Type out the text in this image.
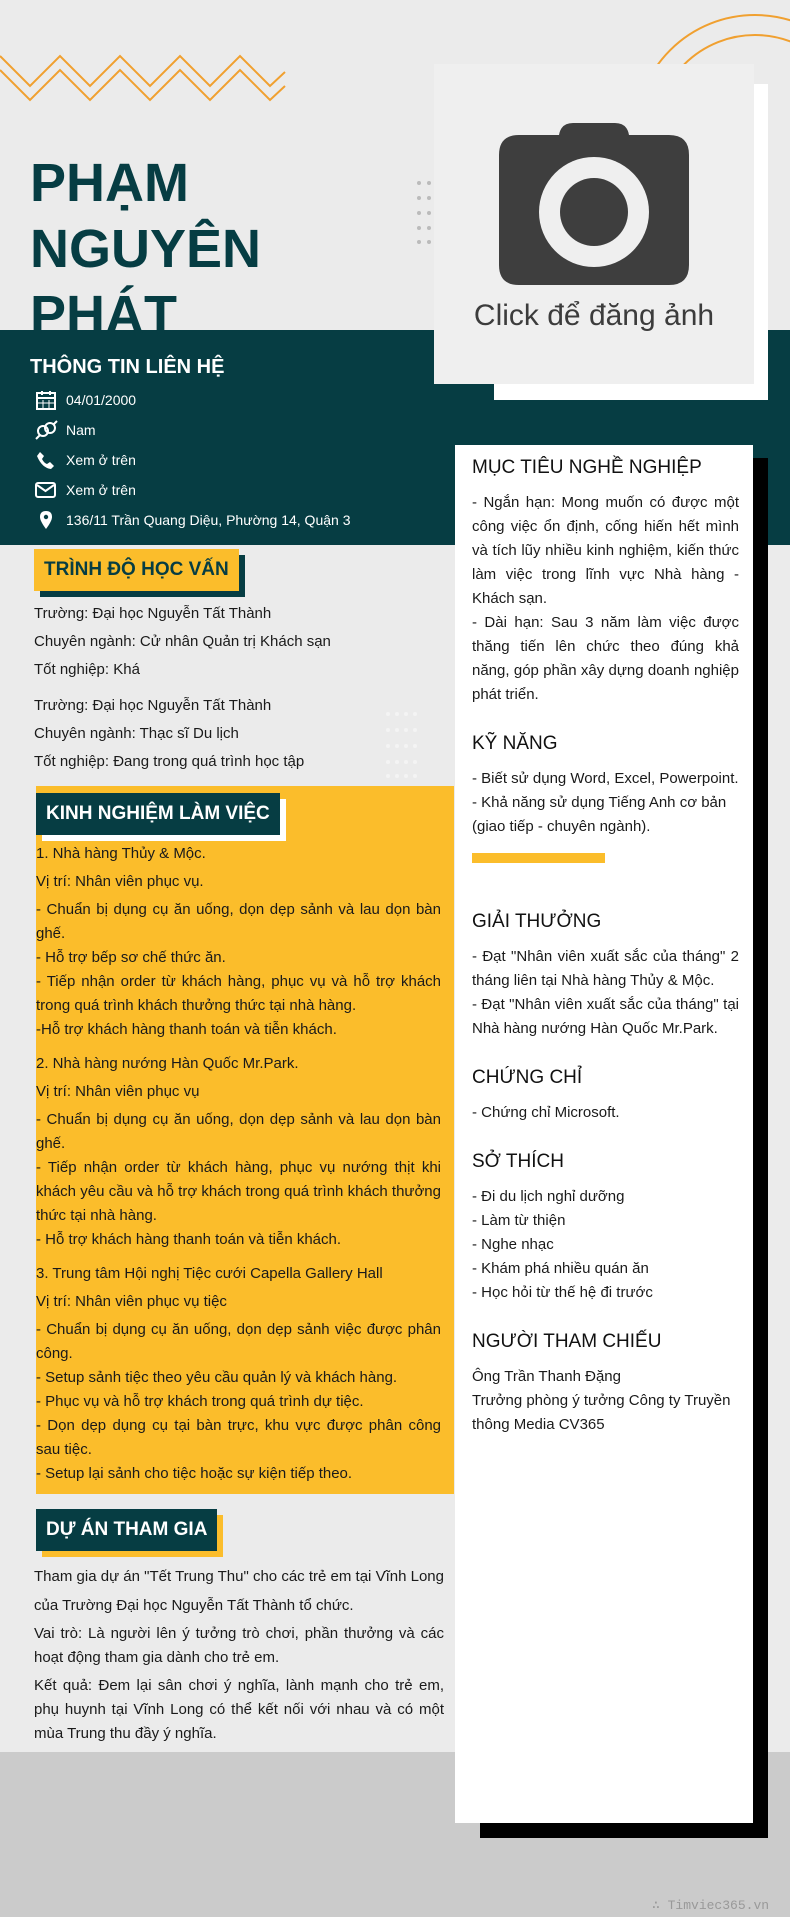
PHẠM
NGUYÊN
PHÁT	Click để đăng ảnh
THÔNG TIN LIÊN HỆ
04/01/2000
Nam
Xem ở trên
Xem ở trên
136/11 Trần Quang Diệu, Phường 14, Quận 3
TRÌNH ĐỘ HỌC VẤN
Trường: Đại học Nguyễn Tất Thành
Chuyên ngành: Cử nhân Quản trị Khách sạn
Tốt nghiệp: Khá
Trường: Đại học Nguyễn Tất Thành
Chuyên ngành: Thạc sĩ Du lịch
Tốt nghiệp: Đang trong quá trình học tập
KINH NGHIỆM LÀM VIỆC

1. Nhà hàng Thủy & Mộc.

Vị trí: Nhân viên phục vụ.

- Chuẩn bị dụng cụ ăn uống, dọn dẹp sảnh và lau dọn bàn ghế.

- Hỗ trợ bếp sơ chế thức ăn.

- Tiếp nhận order từ khách hàng, phục vụ và hỗ trợ khách trong quá trình khách thưởng thức tại nhà hàng.

-Hỗ trợ khách hàng thanh toán và tiễn khách.

2. Nhà hàng nướng Hàn Quốc Mr.Park.

Vị trí: Nhân viên phục vụ

- Chuẩn bị dụng cụ ăn uống, dọn dẹp sảnh và lau dọn bàn ghế.

- Tiếp nhận order từ khách hàng, phục vụ nướng thịt khi khách yêu cầu và hỗ trợ khách trong quá trình khách thưởng thức tại nhà hàng.

- Hỗ trợ khách hàng thanh toán và tiễn khách.

3. Trung tâm Hội nghị Tiệc cưới Capella Gallery Hall

Vị trí: Nhân viên phục vụ tiệc

- Chuẩn bị dụng cụ ăn uống, dọn dẹp sảnh việc được phân công.

- Setup sảnh tiệc theo yêu cầu quản lý và khách hàng.

- Phục vụ và hỗ trợ khách trong quá trình dự tiệc.

- Dọn dẹp dụng cụ tại bàn trực, khu vực được phân công sau tiệc.

- Setup lại sảnh cho tiệc hoặc sự kiện tiếp theo.

DỰ ÁN THAM GIA

Tham gia dự án "Tết Trung Thu" cho các trẻ em tại Vĩnh Long của Trường Đại học Nguyễn Tất Thành tổ chức.

Vai trò: Là người lên ý tưởng trò chơi, phần thưởng và các hoạt động tham gia dành cho trẻ em.

Kết quả: Đem lại sân chơi ý nghĩa, lành mạnh cho trẻ em, phụ huynh tại Vĩnh Long có thể kết nối với nhau và có một mùa Trung thu đầy ý nghĩa.

MỤC TIÊU NGHỀ NGHIỆP
- Ngắn hạn: Mong muốn có được một công việc ổn định, cống hiến hết mình và tích lũy nhiều kinh nghiệm, kiến thức làm việc trong lĩnh vực Nhà hàng - Khách sạn.
- Dài hạn: Sau 3 năm làm việc được thăng tiến lên chức theo đúng khả năng, góp phần xây dựng doanh nghiệp phát triển.
KỸ NĂNG
- Biết sử dụng Word, Excel, Powerpoint.
- Khả năng sử dụng Tiếng Anh cơ bản (giao tiếp - chuyên ngành).
GIẢI THƯỞNG
- Đạt "Nhân viên xuất sắc của tháng" 2 tháng liên tại Nhà hàng Thủy & Mộc.
- Đạt "Nhân viên xuất sắc của tháng" tại Nhà hàng nướng Hàn Quốc Mr.Park.
CHỨNG CHỈ
- Chứng chỉ Microsoft.
SỞ THÍCH
- Đi du lịch nghỉ dưỡng
- Làm từ thiện
- Nghe nhạc
- Khám phá nhiều quán ăn
- Học hỏi từ thế hệ đi trước
NGƯỜI THAM CHIẾU
Ông Trần Thanh Đặng
Trưởng phòng ý tưởng Công ty Truyền thông Media CV365
∴ Timviec365.vn
